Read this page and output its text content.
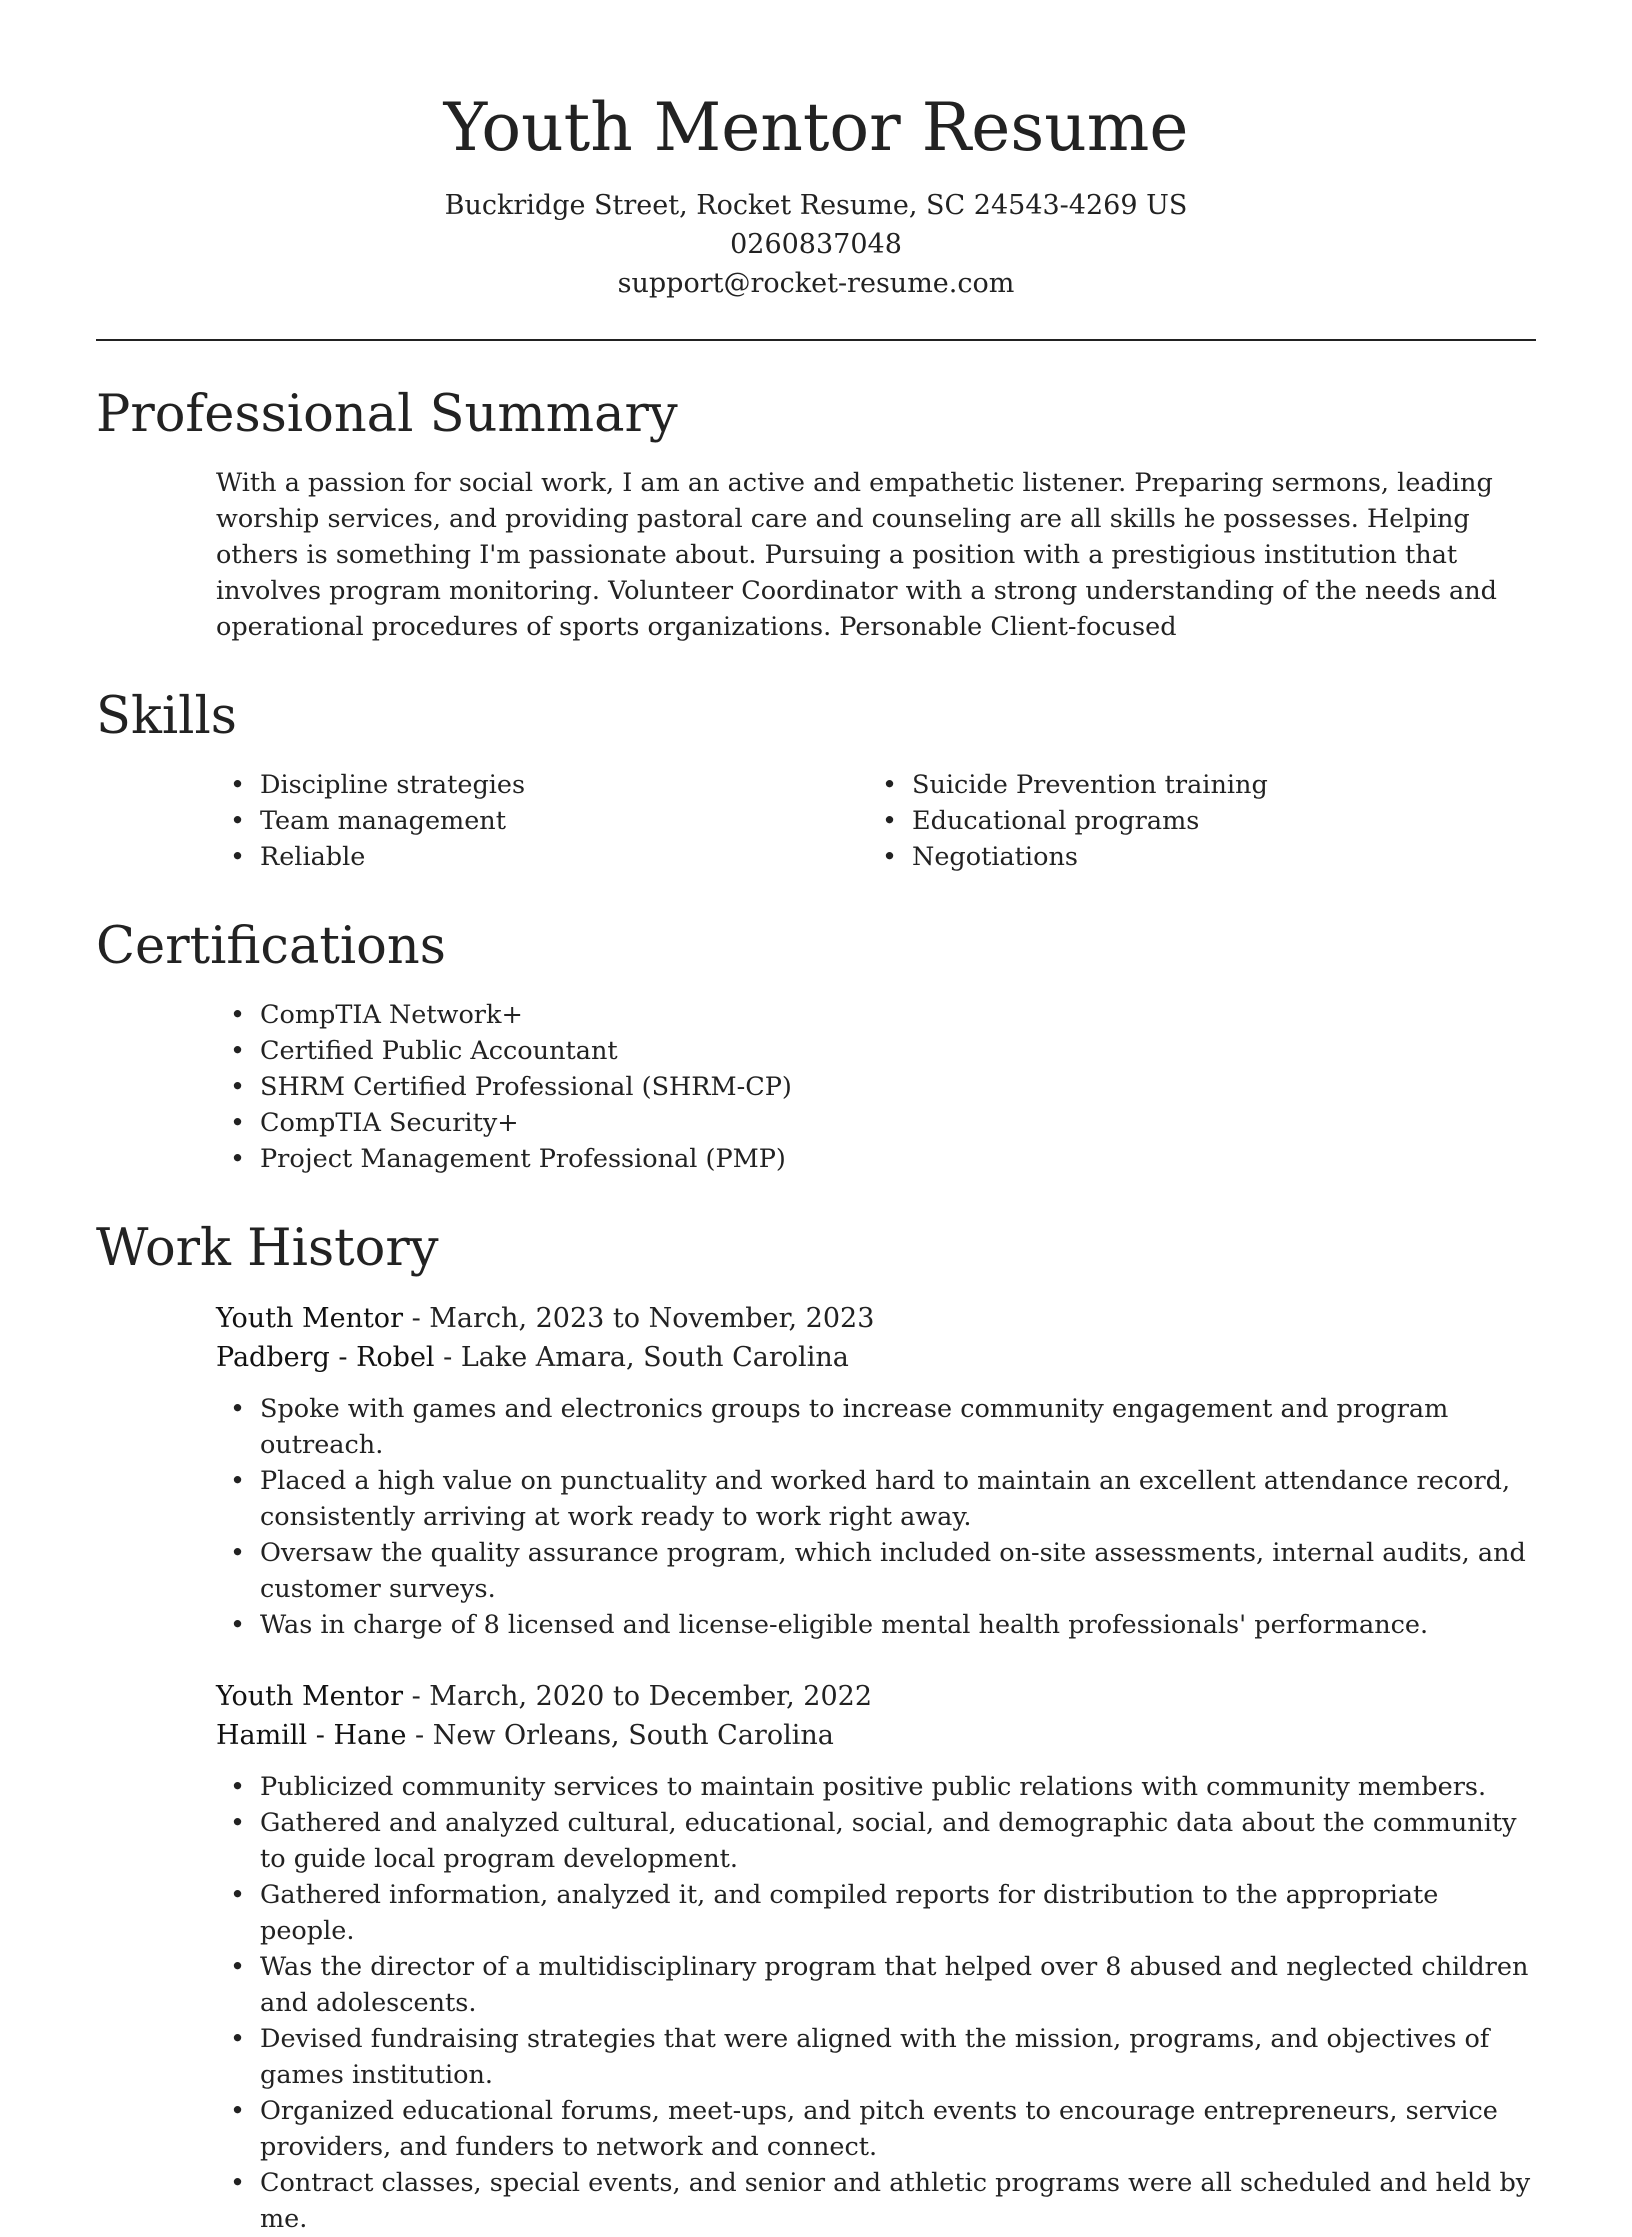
Youth Mentor Resume
Buckridge Street, Rocket Resume, SC 24543-4269 US
0260837048
support@rocket-resume.com
Professional Summary
With a passion for social work, I am an active and empathetic listener. Preparing sermons, leading worship services, and providing pastoral care and counseling are all skills he possesses. Helping others is something I'm passionate about. Pursuing a position with a prestigious institution that involves program monitoring. Volunteer Coordinator with a strong understanding of the needs and operational procedures of sports organizations. Personable Client-focused
Skills
• Discipline strategies
• Team management
• Reliable
• Suicide Prevention training
• Educational programs
• Negotiations
Certifications
• CompTIA Network+
• Certified Public Accountant
• SHRM Certified Professional (SHRM-CP)
• CompTIA Security+
• Project Management Professional (PMP)
Work History
Youth Mentor - March, 2023 to November, 2023
Padberg - Robel - Lake Amara, South Carolina
• Spoke with games and electronics groups to increase community engagement and program outreach.
• Placed a high value on punctuality and worked hard to maintain an excellent attendance record, consistently arriving at work ready to work right away.
• Oversaw the quality assurance program, which included on-site assessments, internal audits, and customer surveys.
• Was in charge of 8 licensed and license-eligible mental health professionals' performance.
Youth Mentor - March, 2020 to December, 2022
Hamill - Hane - New Orleans, South Carolina
• Publicized community services to maintain positive public relations with community members.
• Gathered and analyzed cultural, educational, social, and demographic data about the community to guide local program development.
• Gathered information, analyzed it, and compiled reports for distribution to the appropriate people.
• Was the director of a multidisciplinary program that helped over 8 abused and neglected children and adolescents.
• Devised fundraising strategies that were aligned with the mission, programs, and objectives of games institution.
• Organized educational forums, meet-ups, and pitch events to encourage entrepreneurs, service providers, and funders to network and connect.
• Contract classes, special events, and senior and athletic programs were all scheduled and held by me.
